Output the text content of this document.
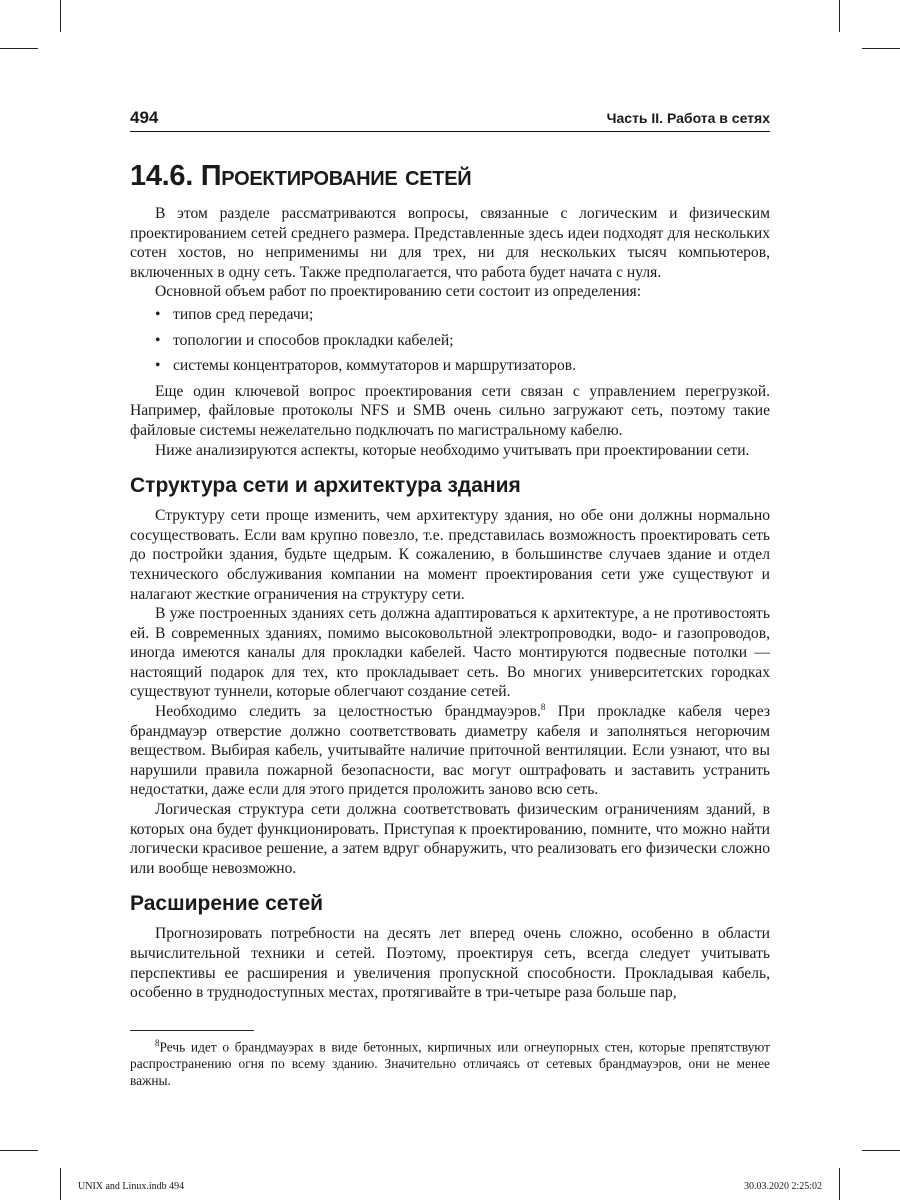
494	Часть II. Работа в сетях
14.6. Проектирование сетей

В этом разделе рассматриваются вопросы, связанные с логическим и физическим проектированием сетей среднего размера. Представленные здесь идеи подходят для нескольких сотен хостов, но неприменимы ни для трех, ни для нескольких тысяч компьютеров, включенных в одну сеть. Также предполагается, что работа будет начата с нуля.

Основной объем работ по проектированию сети состоит из определения:

• типов сред передачи;
• топологии и способов прокладки кабелей;
• системы концентраторов, коммутаторов и маршрутизаторов.

Еще один ключевой вопрос проектирования сети связан с управлением перегрузкой. Например, файловые протоколы NFS и SMB очень сильно загружают сеть, поэтому такие файловые системы нежелательно подключать по магистральному кабелю.

Ниже анализируются аспекты, которые необходимо учитывать при проектировании сети.

Структура сети и архитектура здания

Структуру сети проще изменить, чем архитектуру здания, но обе они должны нормально сосуществовать. Если вам крупно повезло, т.е. представилась возможность проектировать сеть до постройки здания, будьте щедрым. К сожалению, в большинстве случаев здание и отдел технического обслуживания компании на момент проектирования сети уже существуют и налагают жесткие ограничения на структуру сети.

В уже построенных зданиях сеть должна адаптироваться к архитектуре, а не противостоять ей. В современных зданиях, помимо высоковольтной электропроводки, водо- и газопроводов, иногда имеются каналы для прокладки кабелей. Часто монтируются подвесные потолки — настоящий подарок для тех, кто прокладывает сеть. Во многих университетских городках существуют туннели, которые облегчают создание сетей.

Необходимо следить за целостностью брандмауэров.$^8$ При прокладке кабеля через брандмауэр отверстие должно соответствовать диаметру кабеля и заполняться негорючим веществом. Выбирая кабель, учитывайте наличие приточной вентиляции. Если узнают, что вы нарушили правила пожарной безопасности, вас могут оштрафовать и заставить устранить недостатки, даже если для этого придется проложить заново всю сеть.

Логическая структура сети должна соответствовать физическим ограничениям зданий, в которых она будет функционировать. Приступая к проектированию, помните, что можно найти логически красивое решение, а затем вдруг обнаружить, что реализовать его физически сложно или вообще невозможно.

Расширение сетей

Прогнозировать потребности на десять лет вперед очень сложно, особенно в области вычислительной техники и сетей. Поэтому, проектируя сеть, всегда следует учитывать перспективы ее расширения и увеличения пропускной способности. Прокладывая кабель, особенно в труднодоступных местах, протягивайте в три-четыре раза больше пар,

$^8$Речь идет о брандмауэрах в виде бетонных, кирпичных или огнеупорных стен, которые препятствуют распространению огня по всему зданию. Значительно отличаясь от сетевых брандмауэров, они не менее важны.

UNIX and Linux.indb 494	30.03.2020 2:25:02
